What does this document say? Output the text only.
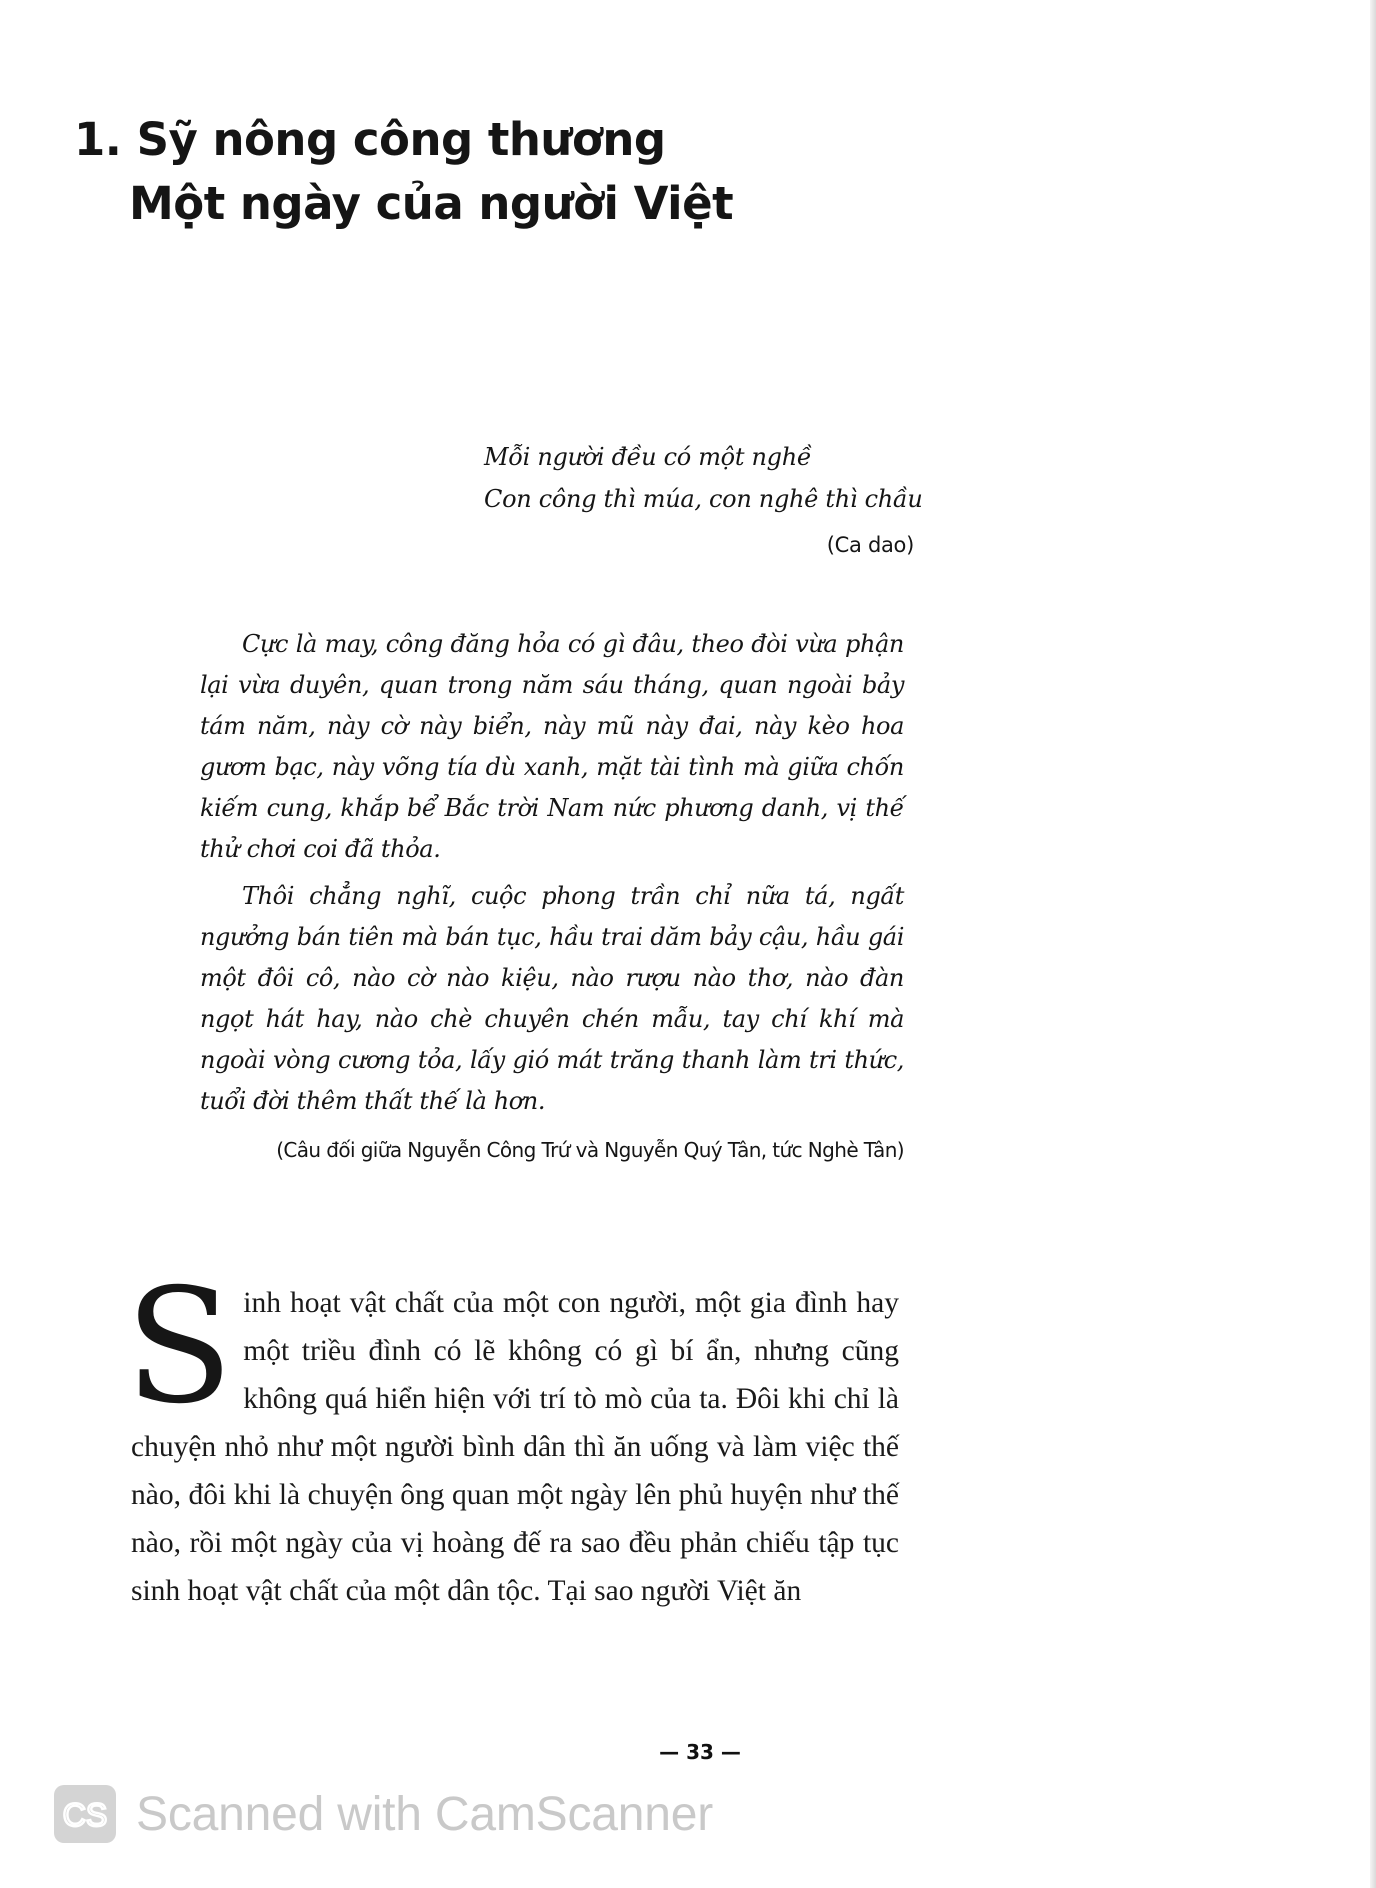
1. Sỹ nông công thương
Một ngày của người Việt
Mỗi người đều có một nghề
Con công thì múa, con nghê thì chầu
(Ca dao)

Cực là may, công đăng hỏa có gì đâu, theo đòi vừa phận lại vừa duyên, quan trong năm sáu tháng, quan ngoài bảy tám năm, này cờ này biển, này mũ này đai, này kèo hoa gươm bạc, này võng tía dù xanh, mặt tài tình mà giữa chốn kiếm cung, khắp bể Bắc trời Nam nức phương danh, vị thế thử chơi coi đã thỏa.

Thôi chẳng nghĩ, cuộc phong trần chỉ nữa tá, ngất ngưởng bán tiên mà bán tục, hầu trai dăm bảy cậu, hầu gái một đôi cô, nào cờ nào kiệu, nào rượu nào thơ, nào đàn ngọt hát hay, nào chè chuyên chén mẫu, tay chí khí mà ngoài vòng cương tỏa, lấy gió mát trăng thanh làm tri thức, tuổi đời thêm thất thế là hơn.

(Câu đối giữa Nguyễn Công Trứ và Nguyễn Quý Tân, tức Nghè Tân)

Sinh hoạt vật chất của một con người, một gia đình hay một triều đình có lẽ không có gì bí ẩn, nhưng cũng không quá hiển hiện với trí tò mò của ta. Đôi khi chỉ là chuyện nhỏ như một người bình dân thì ăn uống và làm việc thế nào, đôi khi là chuyện ông quan một ngày lên phủ huyện như thế nào, rồi một ngày của vị hoàng đế ra sao đều phản chiếu tập tục sinh hoạt vật chất của một dân tộc. Tại sao người Việt ăn

— 33 —
CS Scanned with CamScanner
